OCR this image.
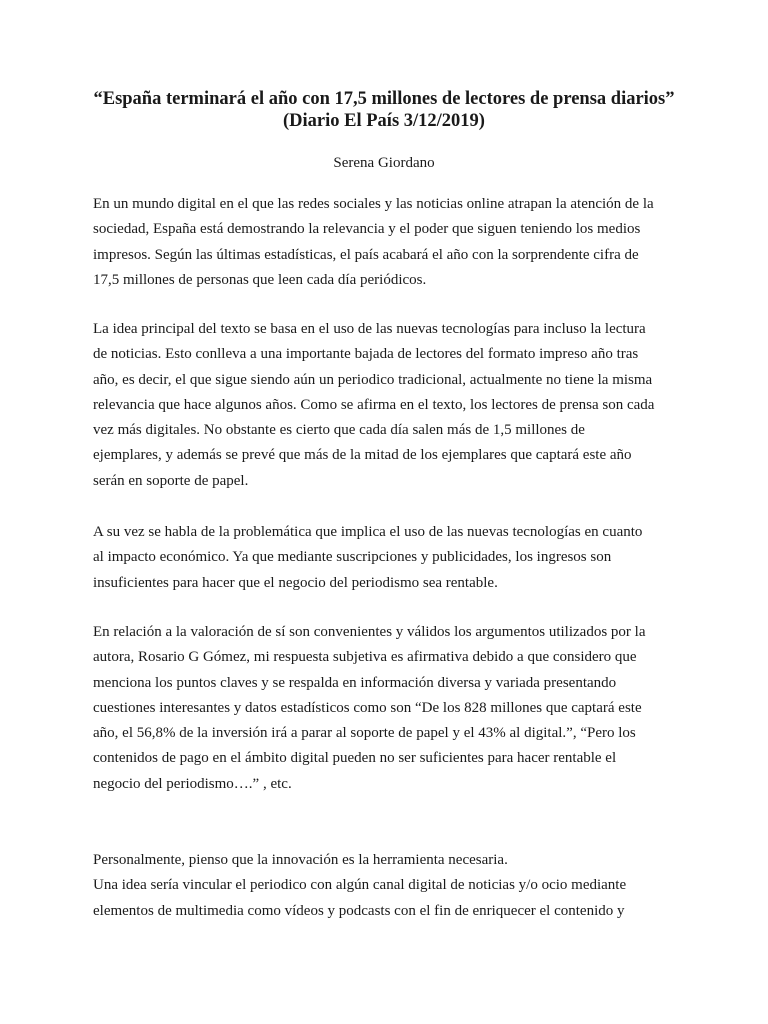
“España terminará el año con 17,5 millones de lectores de prensa diarios”
(Diario El País 3/12/2019)
Serena Giordano

En un mundo digital en el que las redes sociales y las noticias online atrapan la atención de la
sociedad, España está demostrando la relevancia y el poder que siguen teniendo los medios
impresos. Según las últimas estadísticas, el país acabará el año con la sorprendente cifra de
17,5 millones de personas que leen cada día periódicos.

La idea principal del texto se basa en el uso de las nuevas tecnologías para incluso la lectura
de noticias. Esto conlleva a una importante bajada de lectores del formato impreso año tras
año, es decir, el que sigue siendo aún un periodico tradicional, actualmente no tiene la misma
relevancia que hace algunos años. Como se afirma en el texto, los lectores de prensa son cada
vez más digitales. No obstante es cierto que cada día salen más de 1,5 millones de
ejemplares, y además se prevé que más de la mitad de los ejemplares que captará este año
serán en soporte de papel.

A su vez se habla de la problemática que implica el uso de las nuevas tecnologías en cuanto
al impacto económico. Ya que mediante suscripciones y publicidades, los ingresos son
insuficientes para hacer que el negocio del periodismo sea rentable.

En relación a la valoración de sí son convenientes y válidos los argumentos utilizados por la
autora, Rosario G Gómez, mi respuesta subjetiva es afirmativa debido a que considero que
menciona los puntos claves y se respalda en información diversa y variada presentando
cuestiones interesantes y datos estadísticos como son “De los 828 millones que captará este
año, el 56,8% de la inversión irá a parar al soporte de papel y el 43% al digital.”, “Pero los
contenidos de pago en el ámbito digital pueden no ser suficientes para hacer rentable el
negocio del periodismo….” , etc.

Personalmente, pienso que la innovación es la herramienta necesaria.
Una idea sería vincular el periodico con algún canal digital de noticias y/o ocio mediante
elementos de multimedia como vídeos y podcasts con el fin de enriquecer el contenido y
